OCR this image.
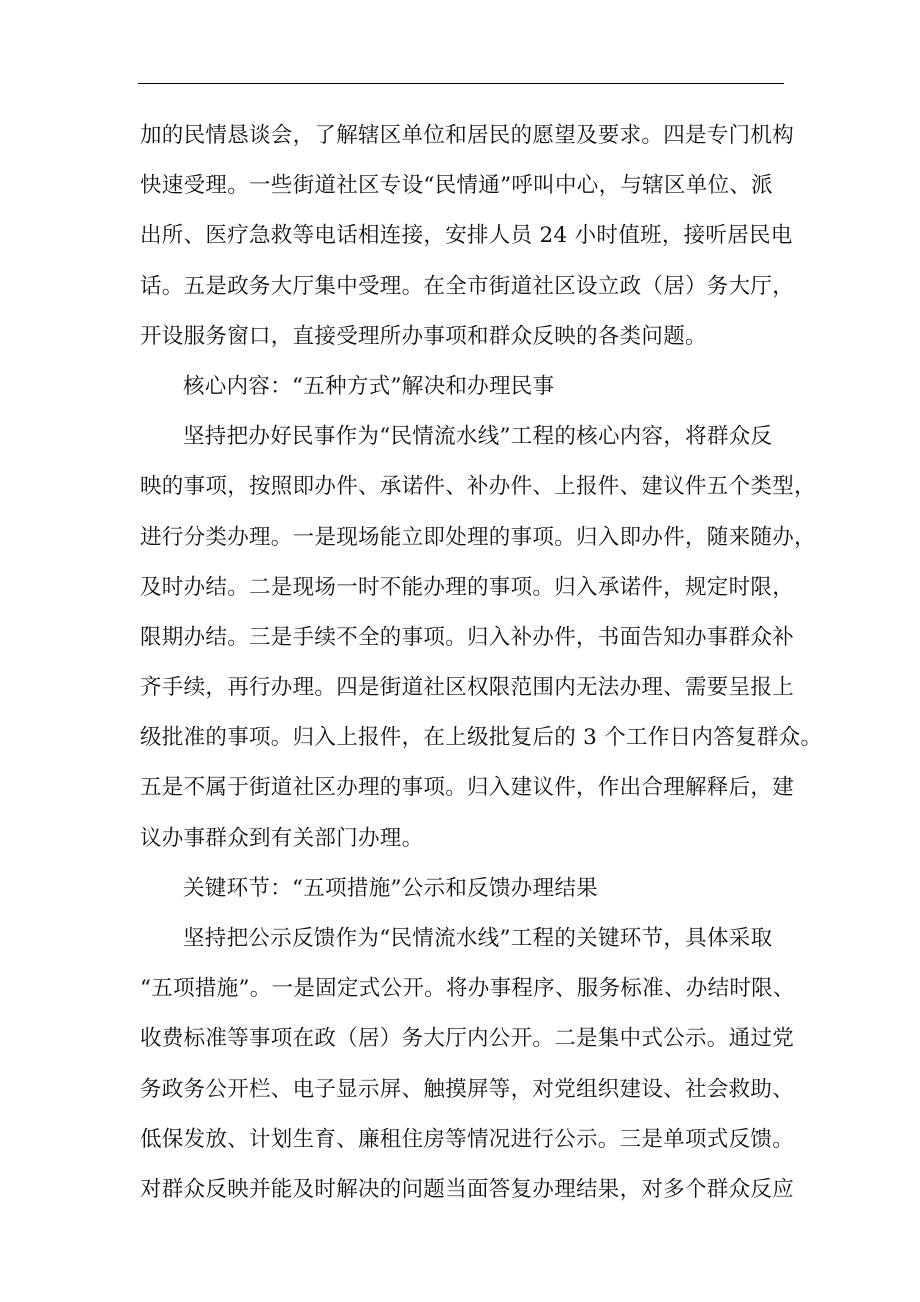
加的民情恳谈会，了解辖区单位和居民的愿望及要求。四是专门机构
快速受理。一些街道社区专设“民情通”呼叫中心，与辖区单位、派
出所、医疗急救等电话相连接，安排人员 24 小时值班，接听居民电
话。五是政务大厅集中受理。在全市街道社区设立政（居）务大厅，
开设服务窗口，直接受理所办事项和群众反映的各类问题。
核心内容：“五种方式”解决和办理民事
坚持把办好民事作为“民情流水线”工程的核心内容，将群众反
映的事项，按照即办件、承诺件、补办件、上报件、建议件五个类型，
进行分类办理。一是现场能立即处理的事项。归入即办件，随来随办，
及时办结。二是现场一时不能办理的事项。归入承诺件，规定时限，
限期办结。三是手续不全的事项。归入补办件，书面告知办事群众补
齐手续，再行办理。四是街道社区权限范围内无法办理、需要呈报上
级批准的事项。归入上报件，在上级批复后的 3 个工作日内答复群众。
五是不属于街道社区办理的事项。归入建议件，作出合理解释后，建
议办事群众到有关部门办理。
关键环节：“五项措施”公示和反馈办理结果
坚持把公示反馈作为“民情流水线”工程的关键环节，具体采取
“五项措施”。一是固定式公开。将办事程序、服务标准、办结时限、
收费标准等事项在政（居）务大厅内公开。二是集中式公示。通过党
务政务公开栏、电子显示屏、触摸屏等，对党组织建设、社会救助、
低保发放、计划生育、廉租住房等情况进行公示。三是单项式反馈。
对群众反映并能及时解决的问题当面答复办理结果，对多个群众反应
